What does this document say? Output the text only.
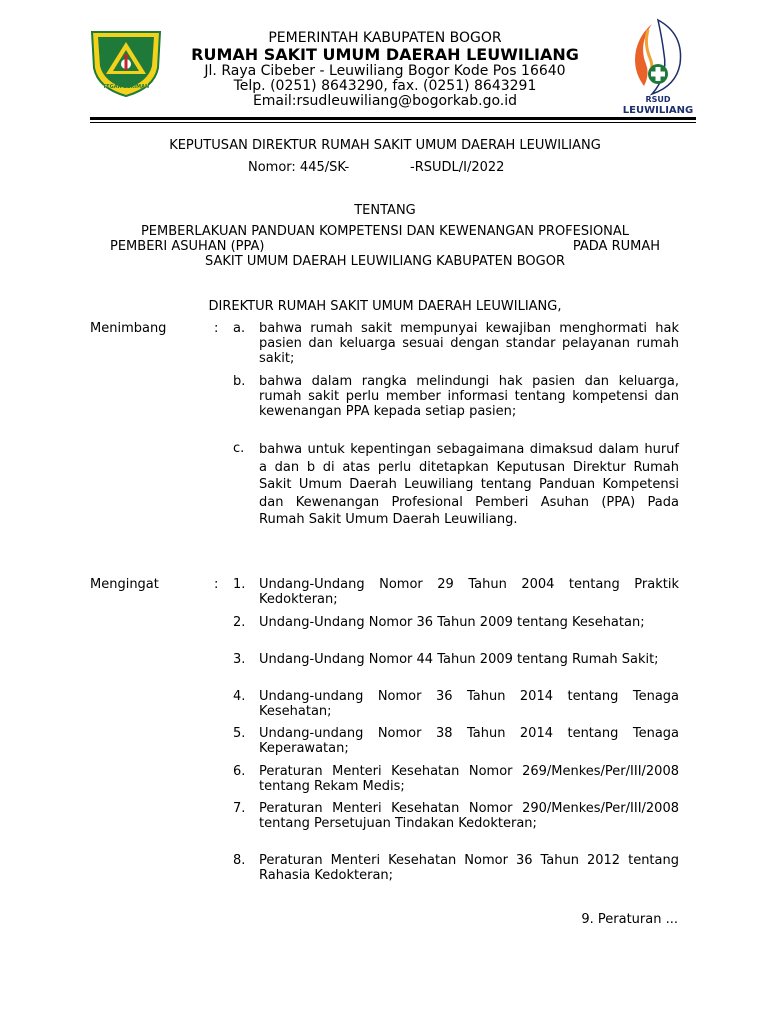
TEGAR BERIMAN
PEMERINTAH KABUPATEN BOGOR
RUMAH SAKIT UMUM DAERAH LEUWILIANG
Jl. Raya Cibeber - Leuwiliang Bogor Kode Pos 16640
Telp. (0251) 8643290, fax. (0251) 8643291
Email:rsudleuwiliang@bogorkab.go.id	RSUD
LEUWILIANG
KEPUTUSAN DIREKTUR RUMAH SAKIT UMUM DAERAH LEUWILIANG
Nomor: 445/SK-	-RSUDL/I/2022
TENTANG
PEMBERLAKUAN PANDUAN KOMPETENSI DAN KEWENANGAN PROFESIONAL
PEMBERI ASUHAN (PPA)	PADA RUMAH
SAKIT UMUM DAERAH LEUWILIANG KABUPATEN BOGOR
DIREKTUR RUMAH SAKIT UMUM DAERAH LEUWILIANG,
Menimbang	: a. bahwa rumah sakit mempunyai kewajiban menghormati hak pasien dan keluarga sesuai dengan standar pelayanan rumah sakit;
b. bahwa dalam rangka melindungi hak pasien dan keluarga, rumah sakit perlu member informasi tentang kompetensi dan kewenangan PPA kepada setiap pasien;
c. bahwa untuk kepentingan sebagaimana dimaksud dalam huruf a dan b di atas perlu ditetapkan Keputusan Direktur Rumah Sakit Umum Daerah Leuwiliang tentang Panduan Kompetensi dan Kewenangan Profesional Pemberi Asuhan (PPA) Pada Rumah Sakit Umum Daerah Leuwiliang.
Mengingat	: 1. Undang-Undang Nomor 29 Tahun 2004 tentang Praktik Kedokteran;
2. Undang-Undang Nomor 36 Tahun 2009 tentang Kesehatan;
3. Undang-Undang Nomor 44 Tahun 2009 tentang Rumah Sakit;
4. Undang-undang Nomor 36 Tahun 2014 tentang Tenaga Kesehatan;
5. Undang-undang Nomor 38 Tahun 2014 tentang Tenaga Keperawatan;
6. Peraturan Menteri Kesehatan Nomor 269/Menkes/Per/III/2008 tentang Rekam Medis;
7. Peraturan Menteri Kesehatan Nomor 290/Menkes/Per/III/2008 tentang Persetujuan Tindakan Kedokteran;
8. Peraturan Menteri Kesehatan Nomor 36 Tahun 2012 tentang Rahasia Kedokteran;
9. Peraturan ...
